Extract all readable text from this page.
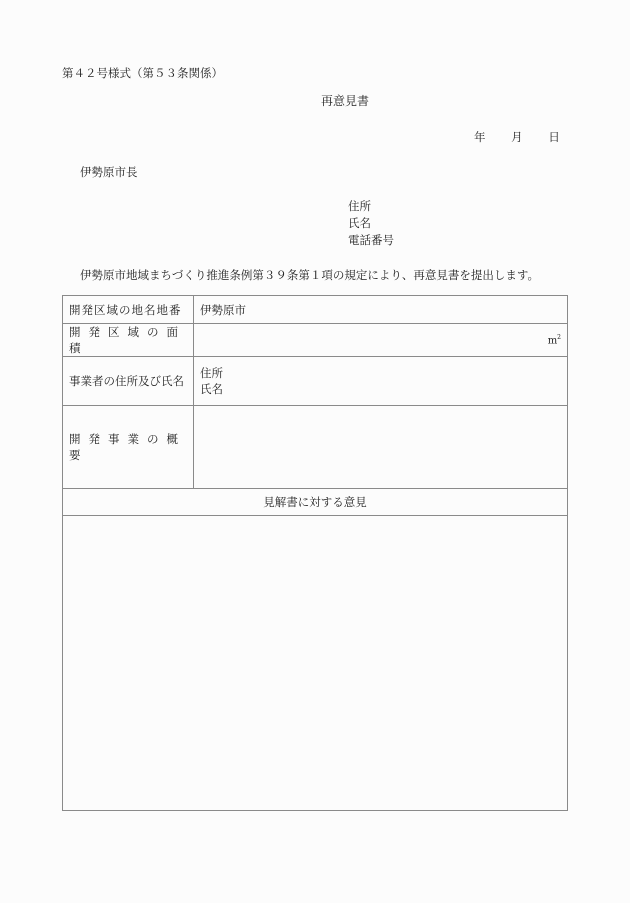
第４２号様式（第５３条関係）
再意見書
年 月 日
伊勢原市長
住所
氏名
電話番号
伊勢原市地域まちづくり推進条例第３９条第１項の規定により、再意見書を提出します。
開発区域の地名地番	伊勢原市
開発区域の面積	$m^2$
事業者の住所及び氏名	住所
氏名

開発事業の概要	
見解書に対する意見	
